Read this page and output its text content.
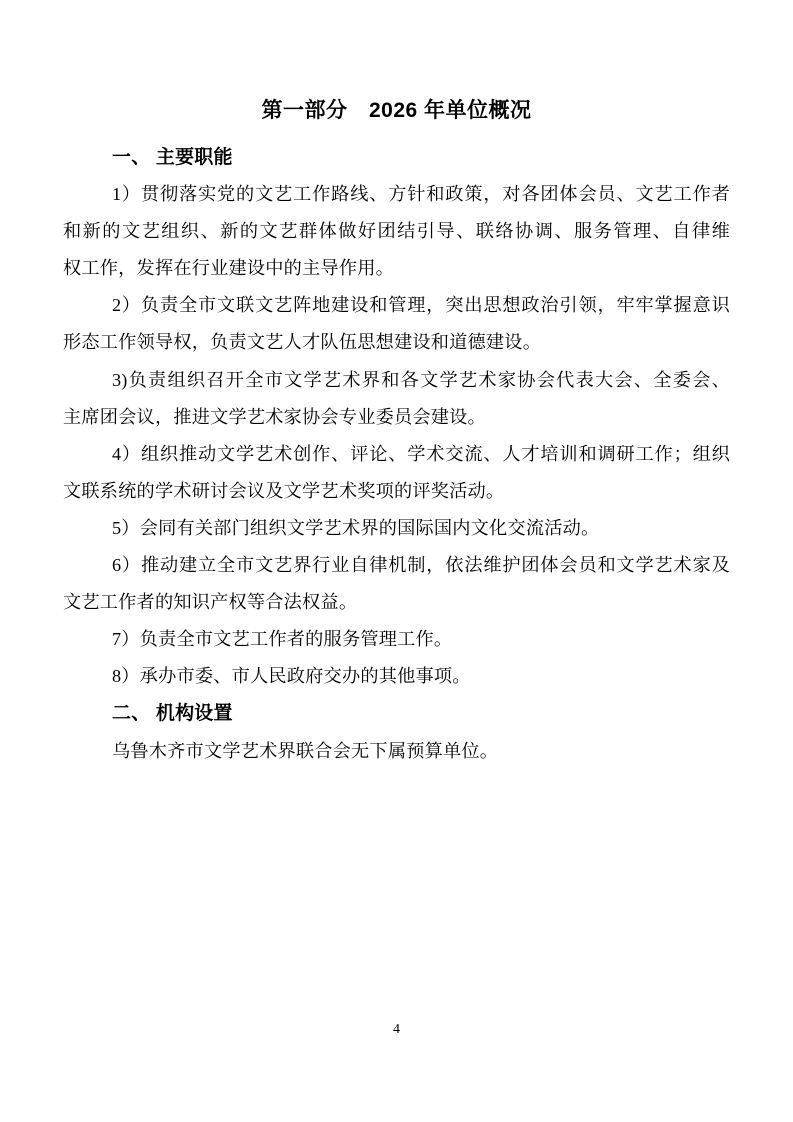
第一部分　2026 年单位概况
一、 主要职能
1）贯彻落实党的文艺工作路线、方针和政策，对各团体会员、文艺工作者
和新的文艺组织、新的文艺群体做好团结引导、联络协调、服务管理、自律维
权工作，发挥在行业建设中的主导作用。
2）负责全市文联文艺阵地建设和管理，突出思想政治引领，牢牢掌握意识
形态工作领导权，负责文艺人才队伍思想建设和道德建设。
3)负责组织召开全市文学艺术界和各文学艺术家协会代表大会、全委会、
主席团会议，推进文学艺术家协会专业委员会建设。
4）组织推动文学艺术创作、评论、学术交流、人才培训和调研工作；组织
文联系统的学术研讨会议及文学艺术奖项的评奖活动。
5）会同有关部门组织文学艺术界的国际国内文化交流活动。
6）推动建立全市文艺界行业自律机制，依法维护团体会员和文学艺术家及
文艺工作者的知识产权等合法权益。
7）负责全市文艺工作者的服务管理工作。
8）承办市委、市人民政府交办的其他事项。
二、 机构设置
乌鲁木齐市文学艺术界联合会无下属预算单位。
4
